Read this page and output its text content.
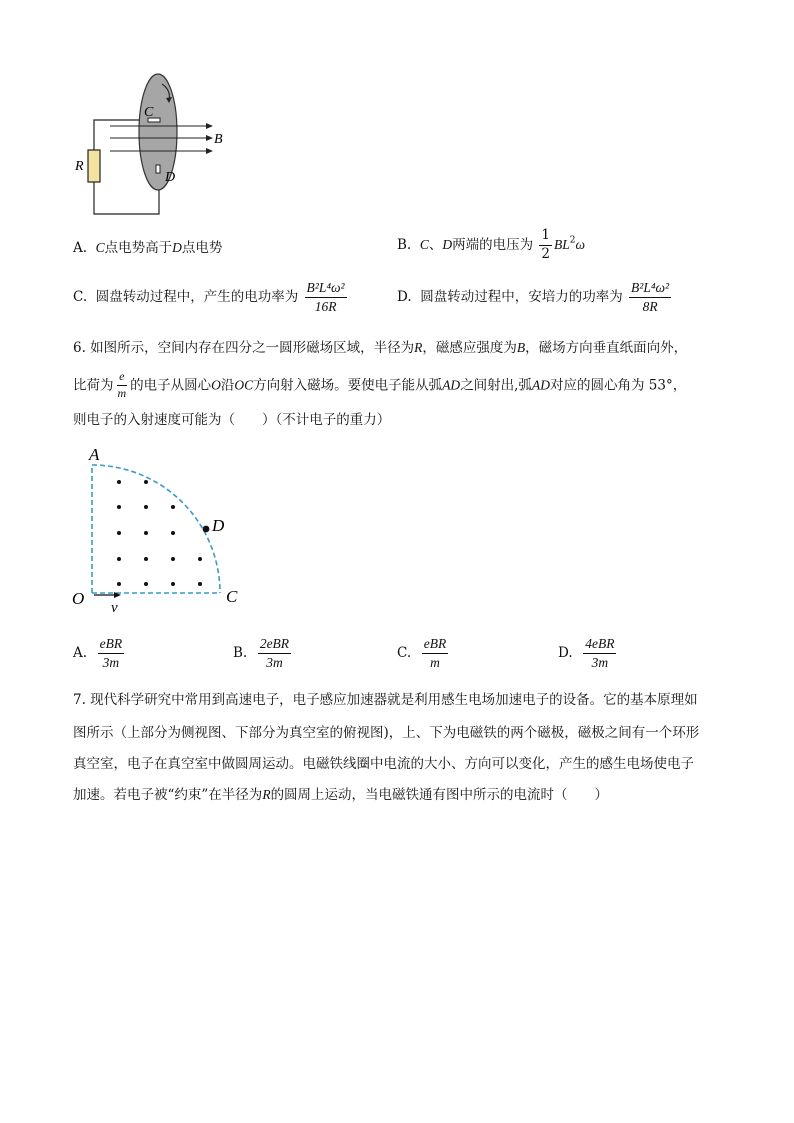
C
B
R
D
A. C点电势高于D点电势	B. C、D两端的电压为 $\frac{1}{2} BL^2\omega$
C. 圆盘转动过程中，产生的电功率为 $\frac{\text{B²L⁴ω²}}{16R}$	D. 圆盘转动过程中，安培力的功率为 $\frac{\text{B²L⁴ω²}}{8R}$
6. 如图所示，空间内存在四分之一圆形磁场区域，半径为R，磁感应强度为B，磁场方向垂直纸面向外，
比荷为 $\frac{e}{m}$ 的电子从圆心O沿OC方向射入磁场。要使电子能从弧AD之间射出,弧AD对应的圆心角为 53°，
则电子的入射速度可能为（　　）（不计电子的重力）
A
D
O	C
v
A. $\frac{\text{eBR}}{3m}$	B. $\frac{\text{2eBR}}{3m}$	C. $\frac{\text{eBR}}{m}$	D. $\frac{\text{4eBR}}{3m}$
7. 现代科学研究中常用到高速电子，电子感应加速器就是利用感生电场加速电子的设备。它的基本原理如
图所示（上部分为侧视图、下部分为真空室的俯视图)，上、下为电磁铁的两个磁极，磁极之间有一个环形
真空室，电子在真空室中做圆周运动。电磁铁线圈中电流的大小、方向可以变化，产生的感生电场使电子
加速。若电子被“约束”在半径为R的圆周上运动，当电磁铁通有图中所示的电流时（　　）
